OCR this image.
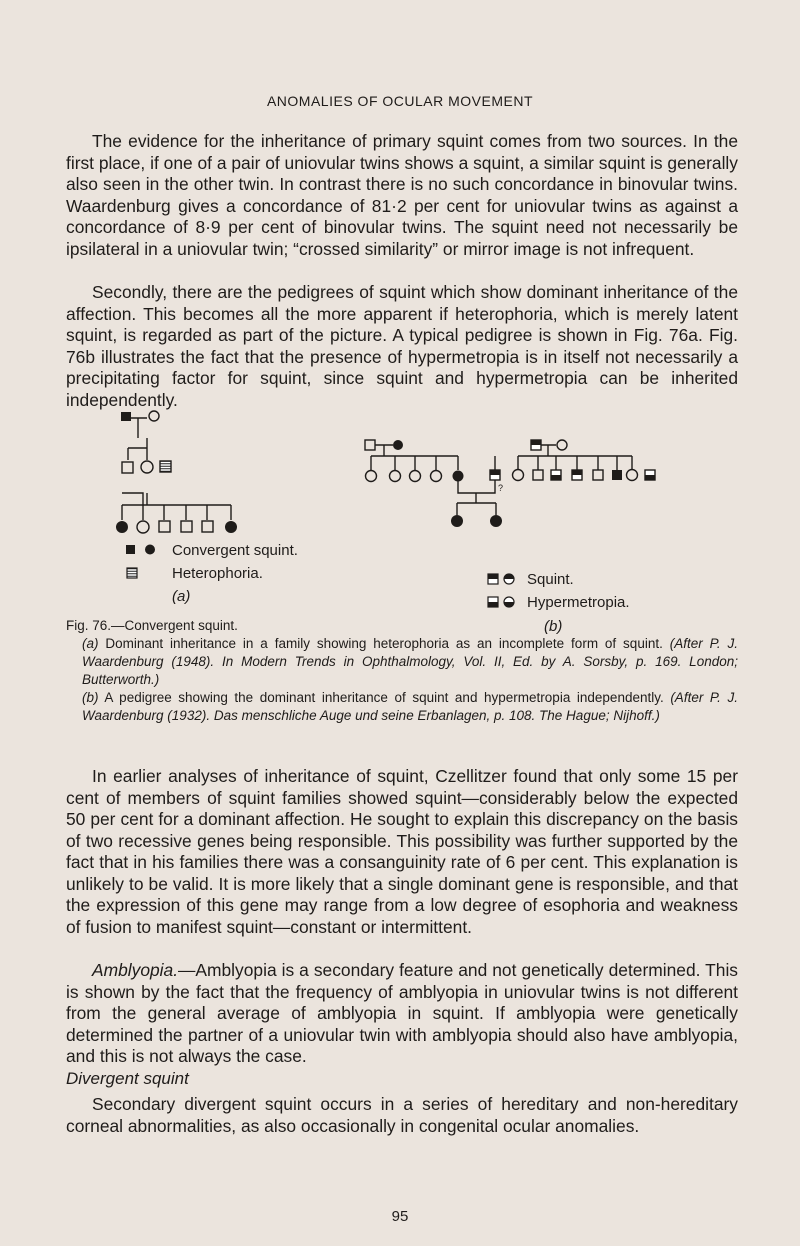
ANOMALIES OF OCULAR MOVEMENT

The evidence for the inheritance of primary squint comes from two sources. In the first place, if one of a pair of uniovular twins shows a squint, a similar squint is generally also seen in the other twin. In contrast there is no such concordance in binovular twins. Waardenburg gives a concordance of 81·2 per cent for uniovular twins as against a concordance of 8·9 per cent of binovular twins. The squint need not necessarily be ipsilateral in a uniovular twin; “crossed similarity” or mirror image is not infrequent.

Secondly, there are the pedigrees of squint which show dominant inheritance of the affection. This becomes all the more apparent if heterophoria, which is merely latent squint, is regarded as part of the picture. A typical pedigree is shown in Fig. 76a. Fig. 76b illustrates the fact that the presence of hypermetropia is in itself not necessarily a precipitating factor for squint, since squint and hypermetropia can be inherited independently.

?
Convergent squint.
Heterophoria.
(a)
Squint.
Hypermetropia.
(b)

Fig. 76.—Convergent squint.

(a) Dominant inheritance in a family showing heterophoria as an incomplete form of squint. (After P. J. Waardenburg (1948). In Modern Trends in Ophthalmology, Vol. II, Ed. by A. Sorsby, p. 169. London; Butterworth.)

(b) A pedigree showing the dominant inheritance of squint and hypermetropia independently. (After P. J. Waardenburg (1932). Das menschliche Auge und seine Erbanlagen, p. 108. The Hague; Nijhoff.)

In earlier analyses of inheritance of squint, Czellitzer found that only some 15 per cent of members of squint families showed squint—considerably below the expected 50 per cent for a dominant affection. He sought to explain this discrepancy on the basis of two recessive genes being responsible. This possibility was further supported by the fact that in his families there was a consanguinity rate of 6 per cent. This explanation is unlikely to be valid. It is more likely that a single dominant gene is responsible, and that the expression of this gene may range from a low degree of esophoria and weakness of fusion to manifest squint—constant or intermittent.

Amblyopia.—Amblyopia is a secondary feature and not genetically determined. This is shown by the fact that the frequency of amblyopia in uniovular twins is not different from the general average of amblyopia in squint. If amblyopia were genetically determined the partner of a uniovular twin with amblyopia should also have amblyopia, and this is not always the case.

Divergent squint

Secondary divergent squint occurs in a series of hereditary and non-hereditary corneal abnormalities, as also occasionally in congenital ocular anomalies.

95
